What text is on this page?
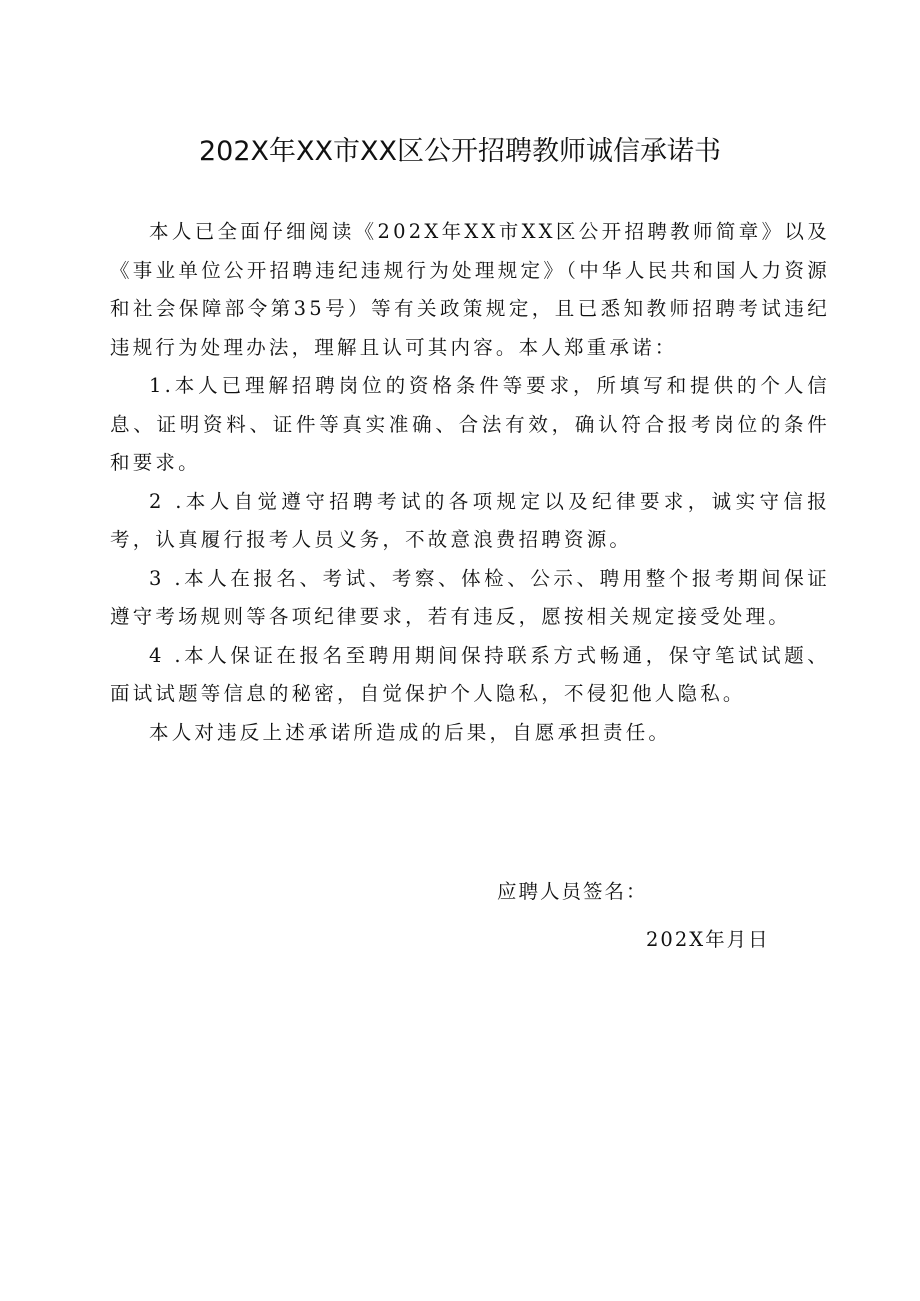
202X年XX市XX区公开招聘教师诚信承诺书

本人已全面仔细阅读《202X年XX市XX区公开招聘教师简章》以及《事业单位公开招聘违纪违规行为处理规定》（中华人民共和国人力资源和社会保障部令第35号）等有关政策规定，且已悉知教师招聘考试违纪违规行为处理办法，理解且认可其内容。本人郑重承诺：

1.本人已理解招聘岗位的资格条件等要求，所填写和提供的个人信息、证明资料、证件等真实准确、合法有效，确认符合报考岗位的条件和要求。

2 .本人自觉遵守招聘考试的各项规定以及纪律要求，诚实守信报考，认真履行报考人员义务，不故意浪费招聘资源。

3 .本人在报名、考试、考察、体检、公示、聘用整个报考期间保证遵守考场规则等各项纪律要求，若有违反，愿按相关规定接受处理。

4 .本人保证在报名至聘用期间保持联系方式畅通，保守笔试试题、面试试题等信息的秘密，自觉保护个人隐私，不侵犯他人隐私。

本人对违反上述承诺所造成的后果，自愿承担责任。

应聘人员签名：
202X年月日
